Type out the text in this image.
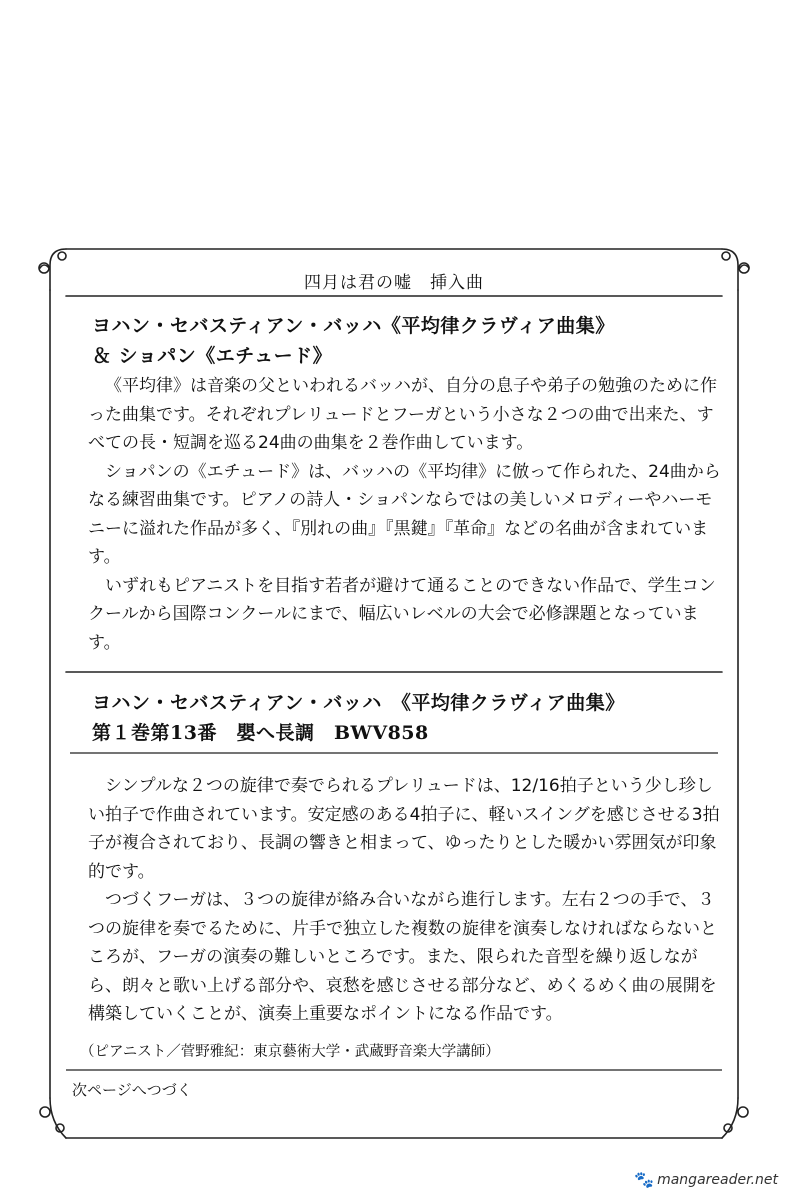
四月は君の嘘　挿入曲
ヨハン・セバスティアン・バッハ《平均律クラヴィア曲集》
＆ ショパン《エチュード》

《平均律》は音楽の父といわれるバッハが、自分の息子や弟子の勉強のために作った曲集です。それぞれプレリュードとフーガという小さな２つの曲で出来た、すべての長・短調を巡る24曲の曲集を２巻作曲しています。

ショパンの《エチュード》は、バッハの《平均律》に倣って作られた、24曲からなる練習曲集です。ピアノの詩人・ショパンならではの美しいメロディーやハーモニーに溢れた作品が多く、『別れの曲』『黒鍵』『革命』などの名曲が含まれています。

いずれもピアニストを目指す若者が避けて通ることのできない作品で、学生コンクールから国際コンクールにまで、幅広いレベルの大会で必修課題となっています。

ヨハン・セバスティアン・バッハ　《平均律クラヴィア曲集》
第１巻第13番　嬰へ長調　BWV858

シンプルな２つの旋律で奏でられるプレリュードは、12/16拍子という少し珍しい拍子で作曲されています。安定感のある4拍子に、軽いスイングを感じさせる3拍子が複合されており、長調の響きと相まって、ゆったりとした暖かい雰囲気が印象的です。

つづくフーガは、３つの旋律が絡み合いながら進行します。左右２つの手で、３つの旋律を奏でるために、片手で独立した複数の旋律を演奏しなければならないところが、フーガの演奏の難しいところです。また、限られた音型を繰り返しながら、朗々と歌い上げる部分や、哀愁を感じさせる部分など、めくるめく曲の展開を構築していくことが、演奏上重要なポイントになる作品です。

（ピアニスト／菅野雅紀：東京藝術大学・武蔵野音楽大学講師）
次ページへつづく
🐾 mangareader.net
